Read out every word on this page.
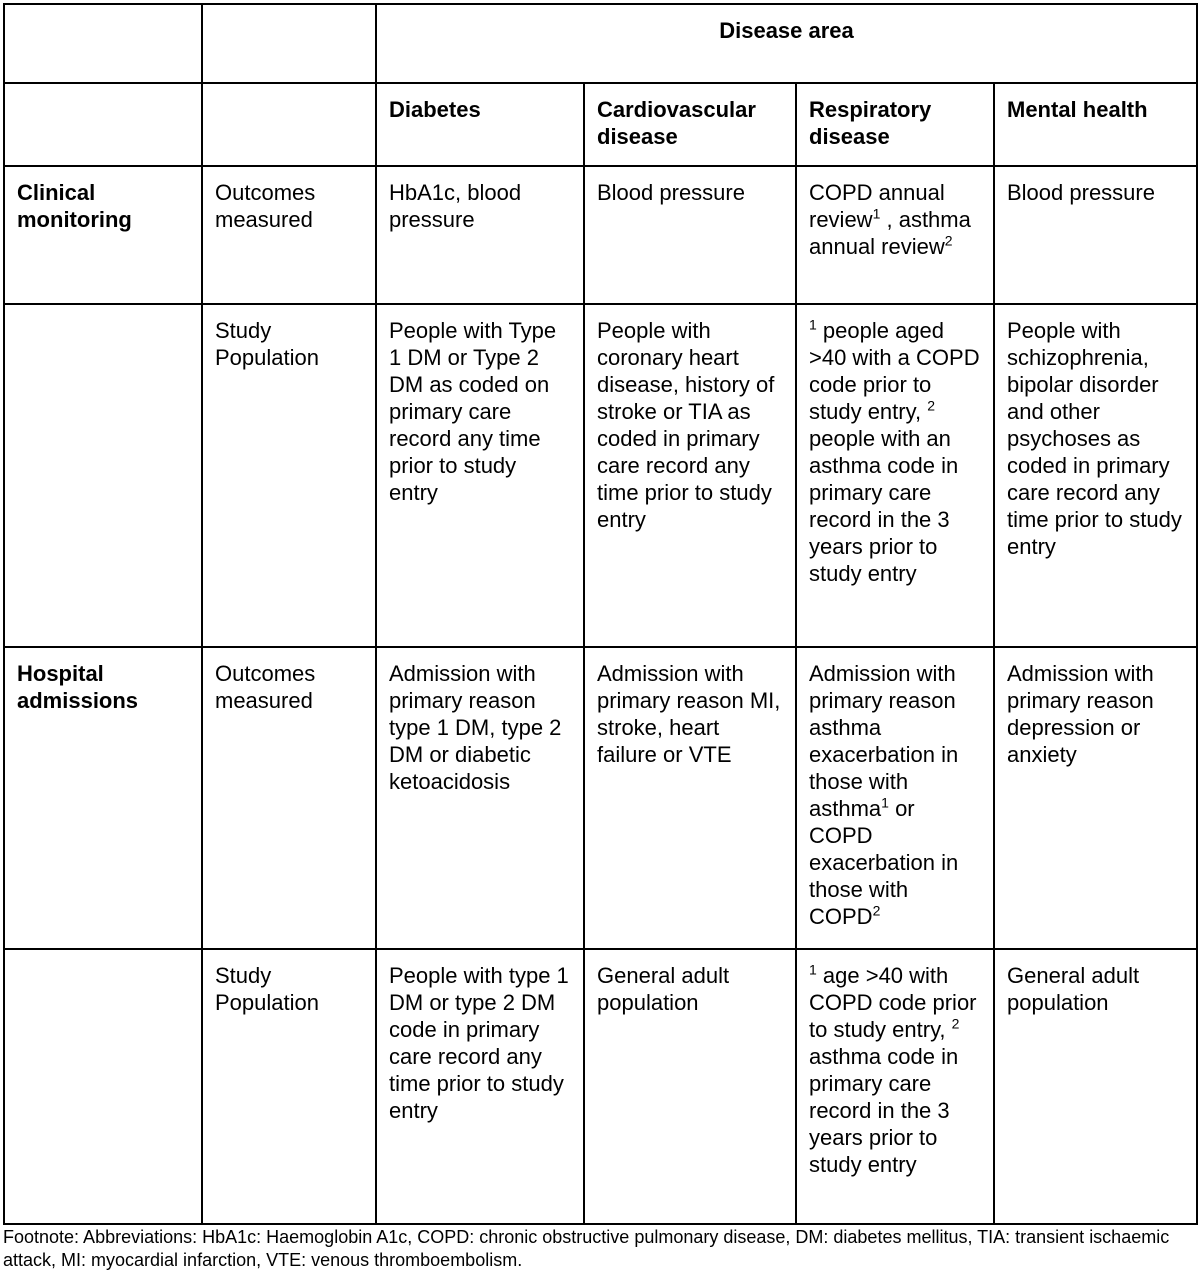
		Disease area			
		Diabetes	Cardiovascular disease	Respiratory disease	Mental health
Clinical monitoring	Outcomes measured	HbA1c, blood pressure	Blood pressure	COPD annual review$^1$ , asthma annual review$^2$	Blood pressure
	Study Population	People with Type 1 DM or Type 2 DM as coded on primary care record any time prior to study entry	People with coronary heart disease, history of stroke or TIA as coded in primary care record any time prior to study entry	$^1$ people aged >40 with a COPD code prior to study entry, $^2$ people with an asthma code in primary care record in the 3 years prior to study entry	People with schizophrenia, bipolar disorder and other psychoses as coded in primary care record any time prior to study entry
Hospital admissions	Outcomes measured	Admission with primary reason type 1 DM, type 2 DM or diabetic ketoacidosis	Admission with primary reason MI, stroke, heart failure or VTE	Admission with primary reason asthma exacerbation in those with asthma$^1$ or COPD exacerbation in those with COPD$^2$	Admission with primary reason depression or anxiety
	Study Population	People with type 1 DM or type 2 DM code in primary care record any time prior to study entry	General adult population	$^1$ age >40 with COPD code prior to study entry, $^2$ asthma code in primary care record in the 3 years prior to study entry	General adult population
Footnote: Abbreviations: HbA1c: Haemoglobin A1c, COPD: chronic obstructive pulmonary disease, DM: diabetes mellitus, TIA: transient ischaemic attack, MI: myocardial infarction, VTE: venous thromboembolism.
